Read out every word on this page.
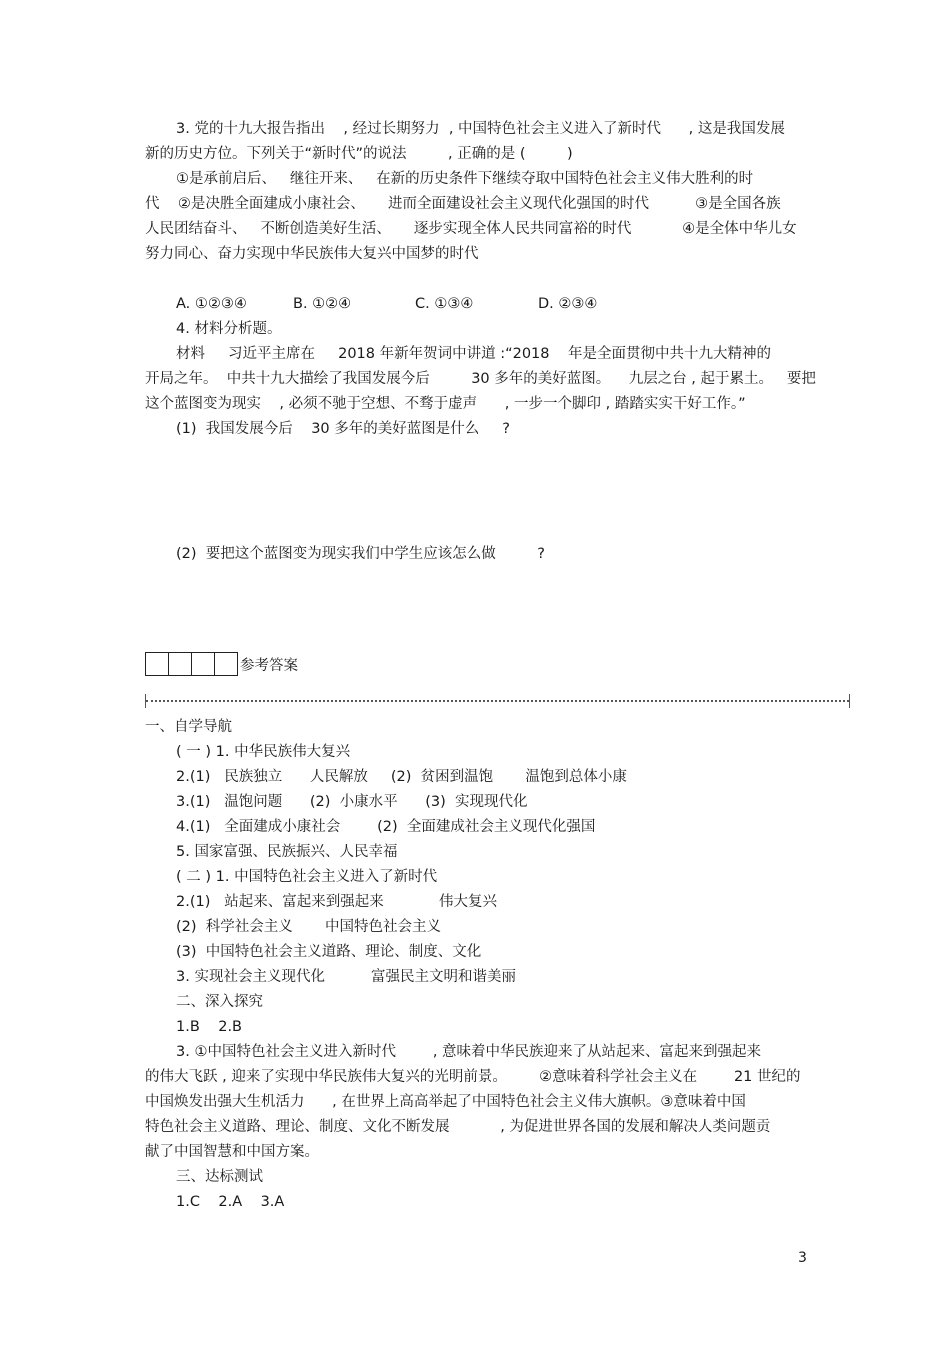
3. 党的十九大报告指出    , 经过长期努力  , 中国特色社会主义进入了新时代      , 这是我国发展
新的历史方位。下列关于“新时代”的说法         , 正确的是 (         )
①是承前启后、   继往开来、   在新的历史条件下继续夺取中国特色社会主义伟大胜利的时
代    ②是决胜全面建成小康社会、     进而全面建设社会主义现代化强国的时代          ③是全国各族
人民团结奋斗、   不断创造美好生活、     逐步实现全体人民共同富裕的时代           ④是全体中华儿女
努力同心、奋力实现中华民族伟大复兴中国梦的时代
A. ①②③④	B. ①②④	C. ①③④	D. ②③④
4. 材料分析题。
材料     习近平主席在     2018 年新年贺词中讲道 :“2018    年是全面贯彻中共十九大精神的
开局之年。  中共十九大描绘了我国发展今后         30 多年的美好蓝图。    九层之台 , 起于累土。   要把
这个蓝图变为现实    , 必须不驰于空想、不骛于虚声      , 一步一个脚印 , 踏踏实实干好工作。”
(1)  我国发展今后    30 多年的美好蓝图是什么     ?
(2)  要把这个蓝图变为现实我们中学生应该怎么做         ?
参考答案
一、自学导航
( 一 ) 1. 中华民族伟大复兴
2.(1)   民族独立      人民解放     (2)  贫困到温饱       温饱到总体小康
3.(1)   温饱问题      (2)  小康水平      (3)  实现现代化
4.(1)   全面建成小康社会        (2)  全面建成社会主义现代化强国
5. 国家富强、民族振兴、人民幸福
( 二 ) 1. 中国特色社会主义进入了新时代
2.(1)   站起来、富起来到强起来            伟大复兴
(2)  科学社会主义       中国特色社会主义
(3)  中国特色社会主义道路、理论、制度、文化
3. 实现社会主义现代化          富强民主文明和谐美丽
二、深入探究
1.B    2.B
3. ①中国特色社会主义进入新时代        , 意味着中华民族迎来了从站起来、富起来到强起来
的伟大飞跃 , 迎来了实现中华民族伟大复兴的光明前景。       ②意味着科学社会主义在        21 世纪的
中国焕发出强大生机活力      , 在世界上高高举起了中国特色社会主义伟大旗帜。③意味着中国
特色社会主义道路、理论、制度、文化不断发展           , 为促进世界各国的发展和解决人类问题贡
献了中国智慧和中国方案。
三、达标测试
1.C    2.A    3.A
3
